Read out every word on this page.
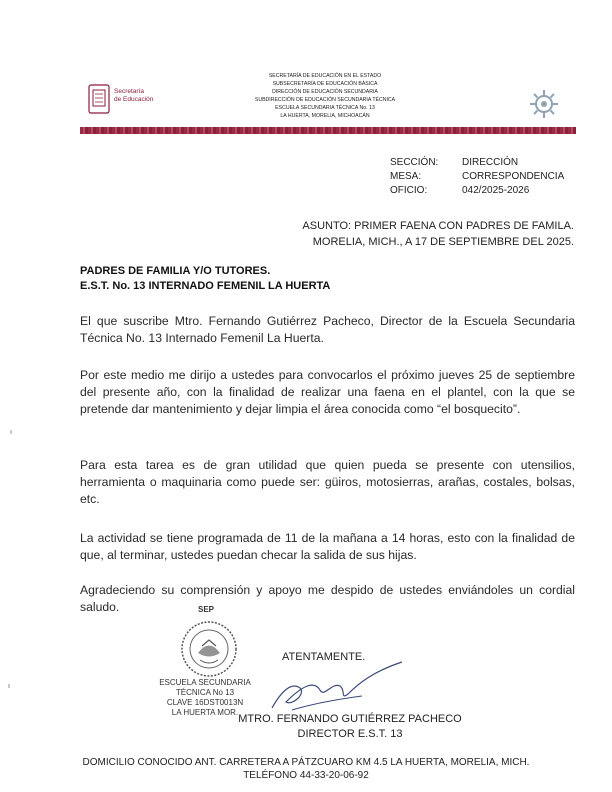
Secretaría
de Educación
SECRETARÍA DE EDUCACIÓN EN EL ESTADO
SUBSECRETARÍA DE EDUCACIÓN BÁSICA
DIRECCIÓN DE EDUCACIÓN SECUNDARIA
SUBDIRECCIÓN DE EDUCACIÓN SECUNDARIA TÉCNICA
ESCUELA SECUNDARIA TÉCNICA No. 13
LA HUERTA, MORELIA, MICHOACÁN
SECCIÓN:	DIRECCIÓN
MESA:	CORRESPONDENCIA
OFICIO:	042/2025-2026
ASUNTO: PRIMER FAENA CON PADRES DE FAMILA.
MORELIA, MICH., A 17 DE SEPTIEMBRE DEL 2025.
PADRES DE FAMILIA Y/O TUTORES.
E.S.T. No. 13 INTERNADO FEMENIL LA HUERTA
El que suscribe Mtro. Fernando Gutiérrez Pacheco, Director de la Escuela Secundaria Técnica No. 13 Internado Femenil La Huerta.
Por este medio me dirijo a ustedes para convocarlos el próximo jueves 25 de septiembre del presente año, con la finalidad de realizar una faena en el plantel, con la que se pretende dar mantenimiento y dejar limpia el área conocida como “el bosquecito”.
Para esta tarea es de gran utilidad que quien pueda se presente con utensilios, herramienta o maquinaria como puede ser: güiros, motosierras, arañas, costales, bolsas, etc.
La actividad se tiene programada de 11 de la mañana a 14 horas, esto con la finalidad de que, al terminar, ustedes puedan checar la salida de sus hijas.
Agradeciendo su comprensión y apoyo me despido de ustedes enviándoles un cordial saludo.	SEP
ESCUELA SECUNDARIA
TÉCNICA No 13
CLAVE 16DST0013N
LA HUERTA MOR.
ATENTAMENTE.
MTRO. FERNANDO GUTIÉRREZ PACHECO
DIRECTOR E.S.T. 13
DOMICILIO CONOCIDO ANT. CARRETERA A PÁTZCUARO KM 4.5 LA HUERTA, MORELIA, MICH.
TELÉFONO 44-33-20-06-92
